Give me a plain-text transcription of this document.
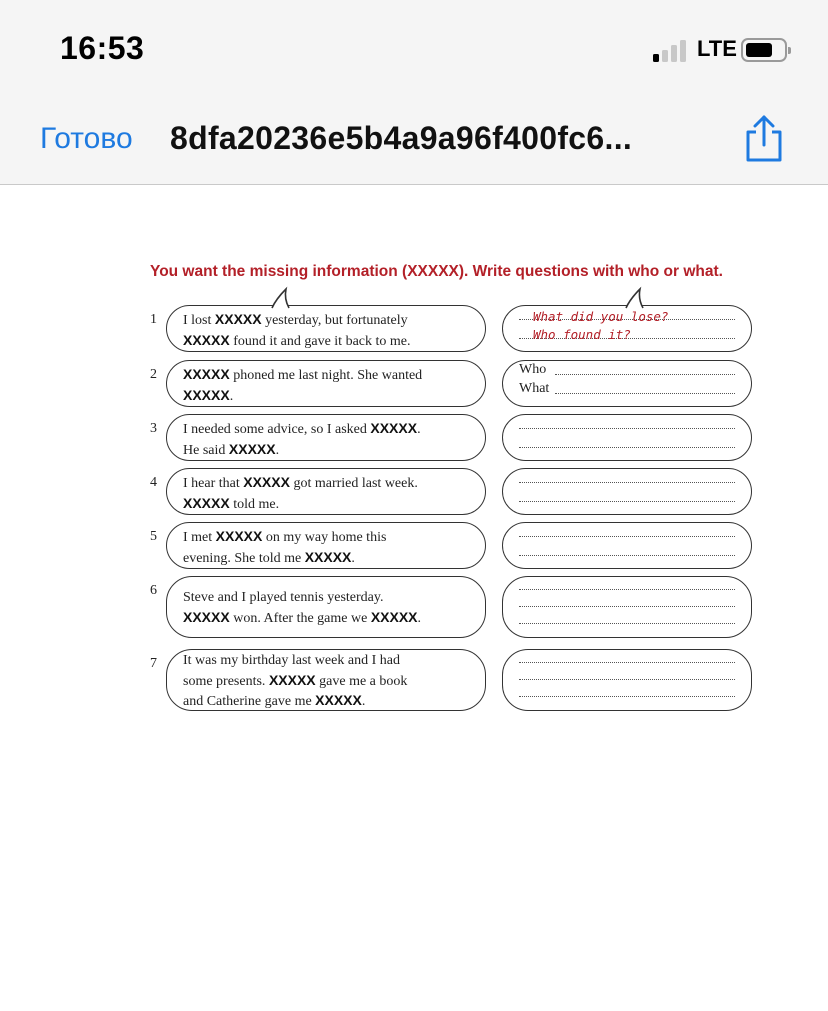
16:53	LTE
Готово 8dfa20236e5b4a9a96f400fc6...
You want the missing information (XXXXX). Write questions with who or what.
1 I lost XXXXX yesterday, but fortunately
XXXXX found it and gave it back to me.
What did you lose?
Who found it?
2 XXXXX phoned me last night. She wanted
XXXXX.
Who
What
3 I needed some advice, so I asked XXXXX.
He said XXXXX.
4 I hear that XXXXX got married last week.
XXXXX told me.
5 I met XXXXX on my way home this
evening. She told me XXXXX.
6 Steve and I played tennis yesterday.
XXXXX won. After the game we XXXXX.
7 It was my birthday last week and I had
some presents. XXXXX gave me a book
and Catherine gave me XXXXX.
